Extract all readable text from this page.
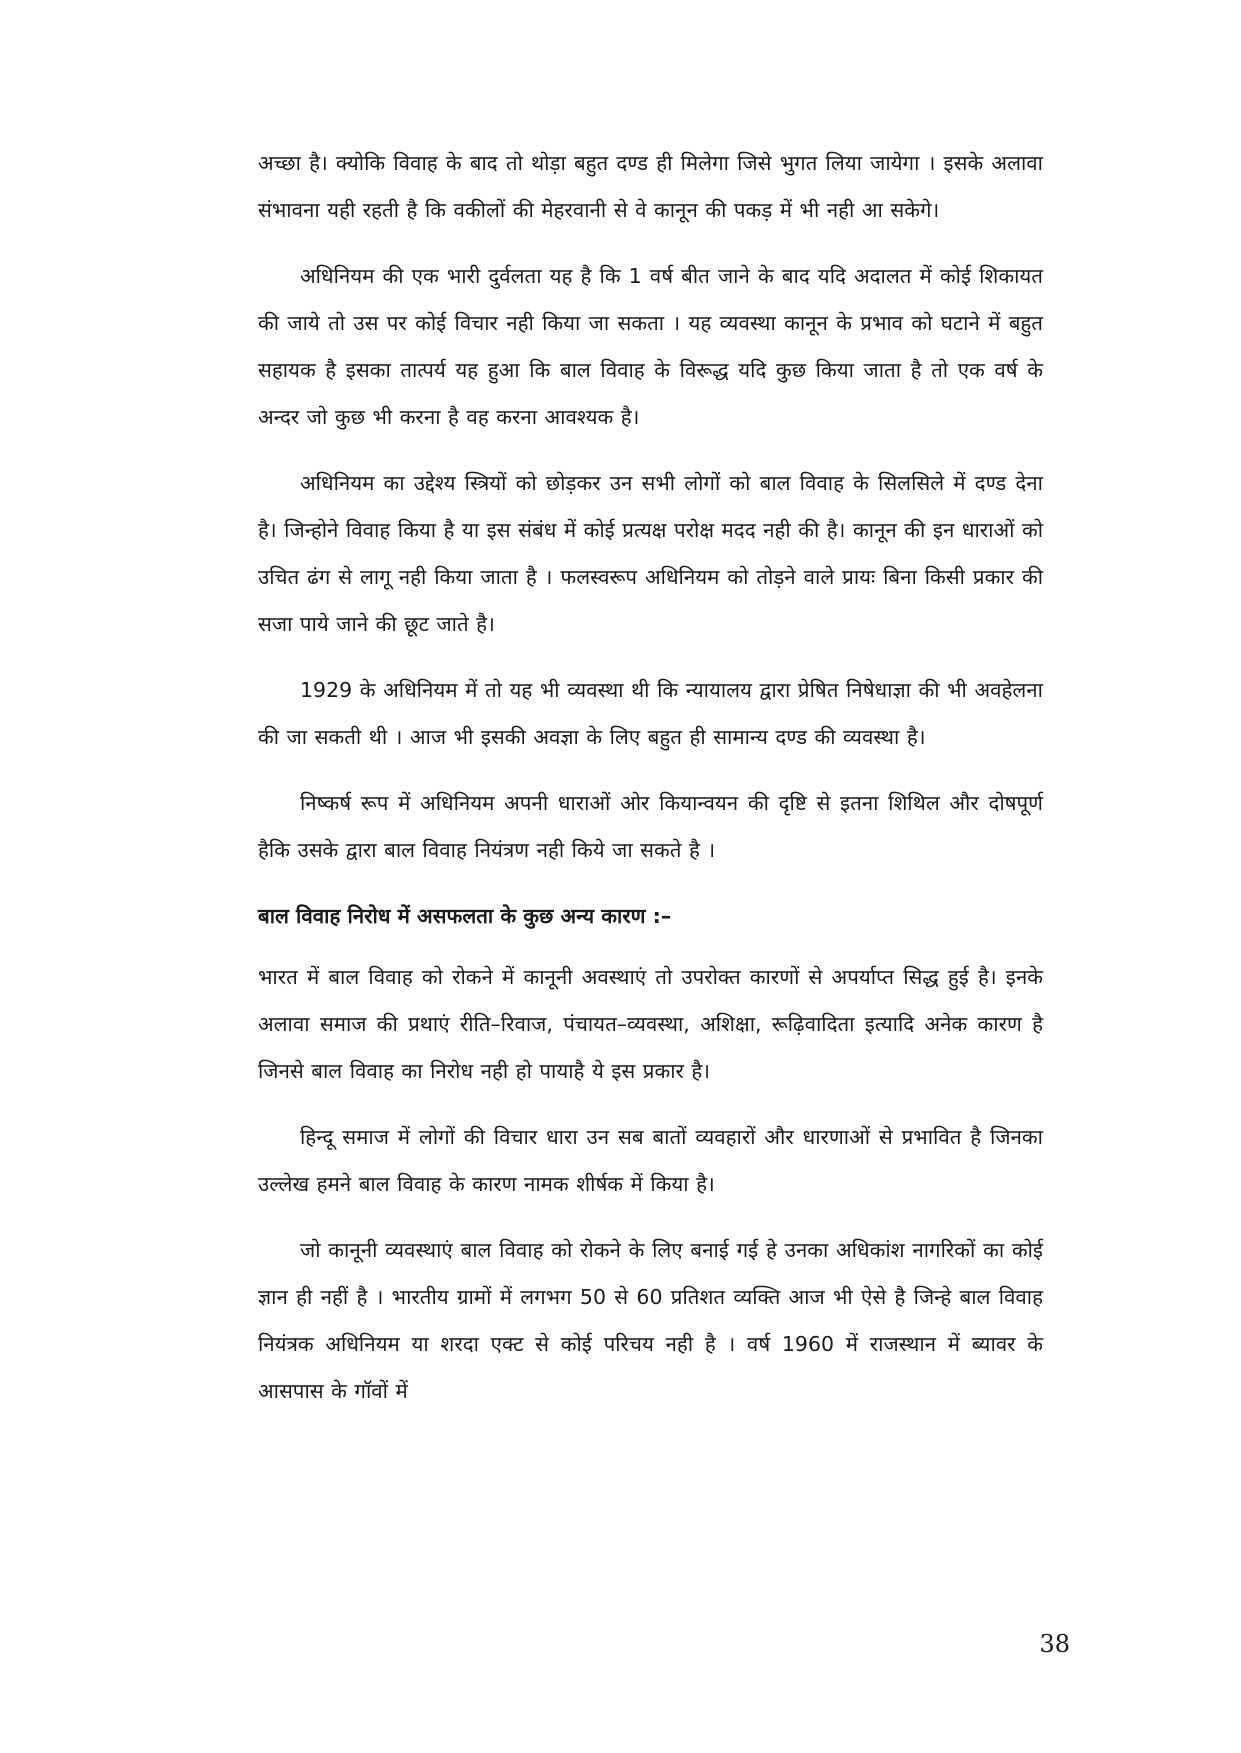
अच्छा है। क्योकि विवाह के बाद तो थोड़ा बहुत दण्ड ही मिलेगा जिसे भुगत लिया जायेगा । इसके अलावा संभावना यही रहती है कि वकीलों की मेहरवानी से वे कानून की पकड़ में भी नही आ सकेगे।

अधिनियम की एक भारी दुर्वलता यह है कि 1 वर्ष बीत जाने के बाद यदि अदालत में कोई शिकायत की जाये तो उस पर कोई विचार नही किया जा सकता । यह व्यवस्था कानून के प्रभाव को घटाने में बहुत सहायक है इसका तात्पर्य यह हुआ कि बाल विवाह के विरूद्ध यदि कुछ किया जाता है तो एक वर्ष के अन्दर जो कुछ भी करना है वह करना आवश्यक है।

अधिनियम का उद्देश्य स्त्रियों को छोड़कर उन सभी लोगों को बाल विवाह के सिलसिले में दण्ड देना है। जिन्होने विवाह किया है या इस संबंध में कोई प्रत्यक्ष परोक्ष मदद नही की है। कानून की इन धाराओं को उचित ढंग से लागू नही किया जाता है । फलस्वरूप अधिनियम को तोड़ने वाले प्रायः बिना किसी प्रकार की सजा पाये जाने की छूट जाते है।

1929 के अधिनियम में तो यह भी व्यवस्था थी कि न्यायालय द्वारा प्रेषित निषेधाज्ञा की भी अवहेलना की जा सकती थी । आज भी इसकी अवज्ञा के लिए बहुत ही सामान्य दण्ड की व्यवस्था है।

निष्कर्ष रूप में अधिनियम अपनी धाराओं ओर कियान्वयन की दृष्टि से इतना शिथिल और दोषपूर्ण हैकि उसके द्वारा बाल विवाह नियंत्रण नही किये जा सकते है ।

बाल विवाह निरोध में असफलता के कुछ अन्य कारण :–

भारत में बाल विवाह को रोकने में कानूनी अवस्थाएं तो उपरोक्त कारणों से अपर्याप्त सिद्ध हुई है। इनके अलावा समाज की प्रथाएं रीति–रिवाज, पंचायत–व्यवस्था, अशिक्षा, रूढ़िवादिता इत्यादि अनेक कारण है जिनसे बाल विवाह का निरोध नही हो पायाहै ये इस प्रकार है।

हिन्दू समाज में लोगों की विचार धारा उन सब बातों व्यवहारों और धारणाओं से प्रभावित है जिनका उल्लेख हमने बाल विवाह के कारण नामक शीर्षक में किया है।

जो कानूनी व्यवस्थाएं बाल विवाह को रोकने के लिए बनाई गई हे उनका अधिकांश नागरिकों का कोई ज्ञान ही नहीं है । भारतीय ग्रामों में लगभग 50 से 60 प्रतिशत व्यक्ति आज भी ऐसे है जिन्हे बाल विवाह नियंत्रक अधिनियम या शरदा एक्ट से कोई परिचय नही है । वर्ष 1960 में राजस्थान में ब्यावर के आसपास के गॉवों में

38
